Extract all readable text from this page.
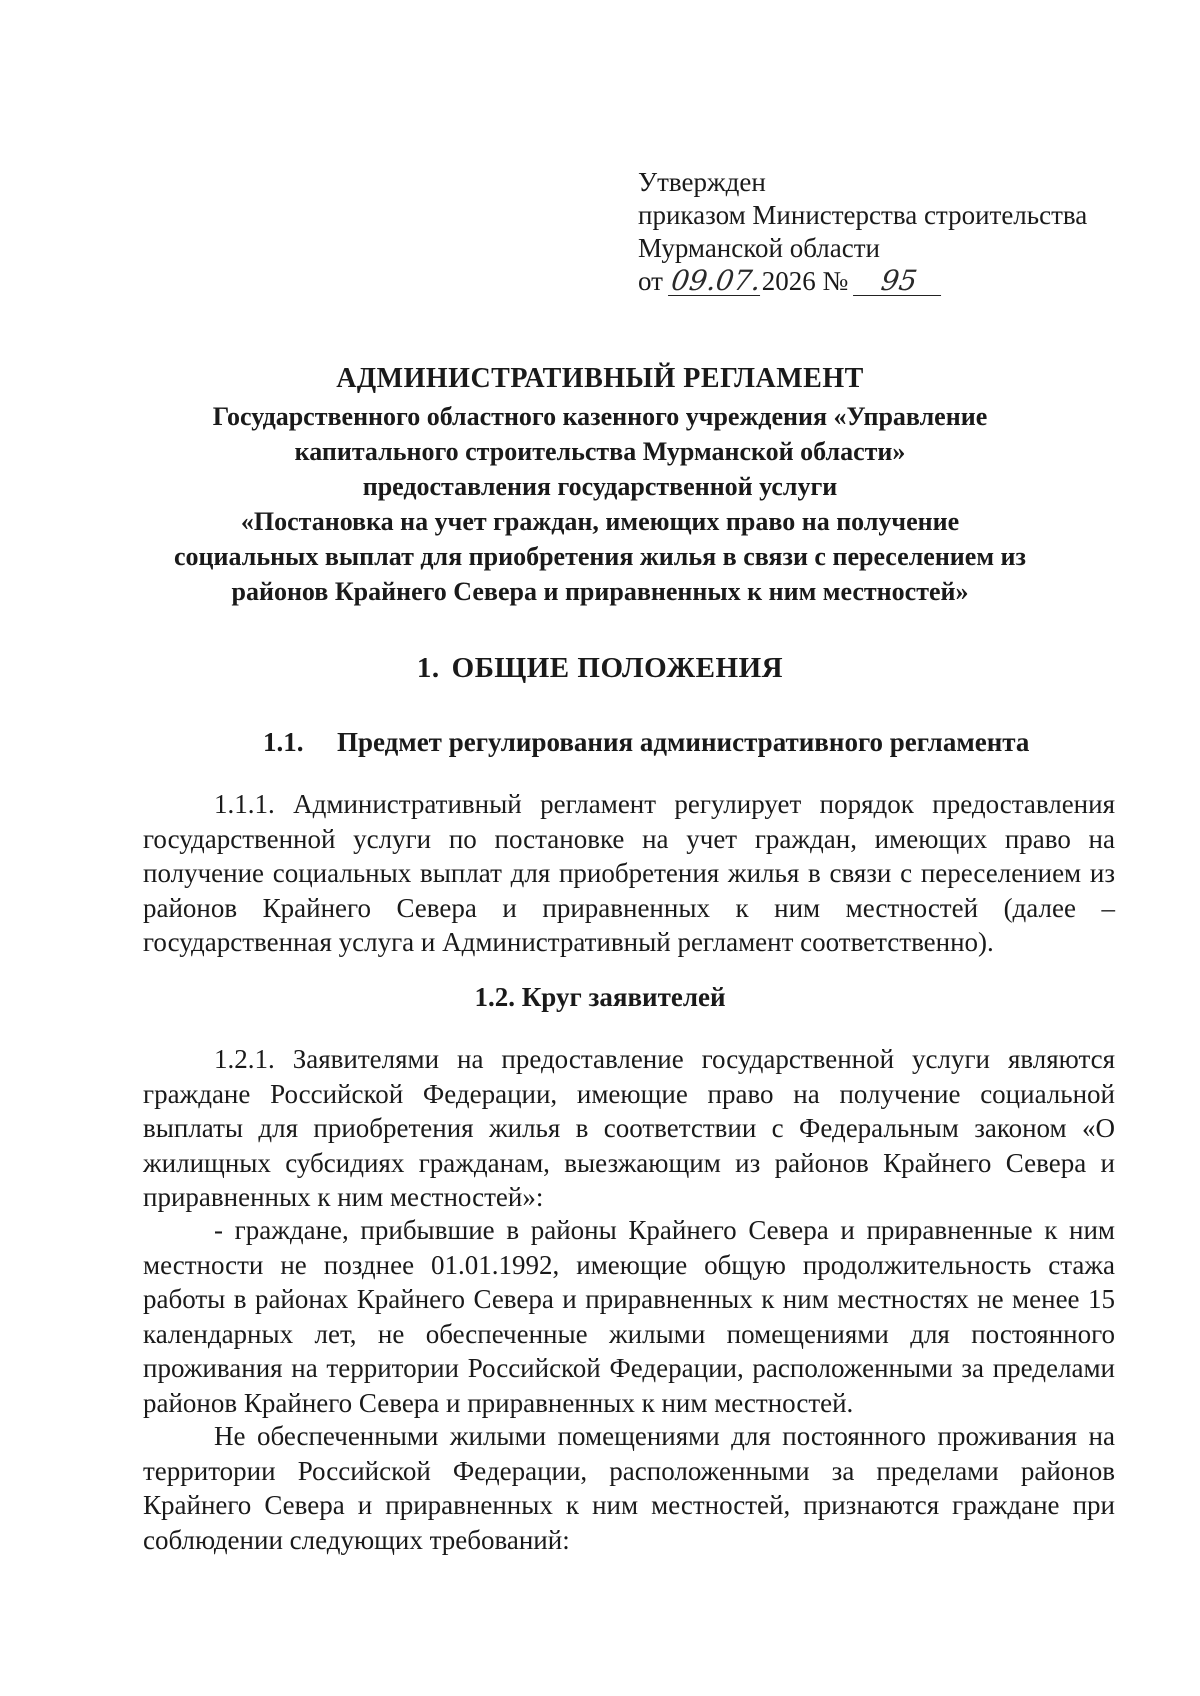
Утвержден
приказом Министерства строительства
Мурманской области
от 09.07.2026 № 95
АДМИНИСТРАТИВНЫЙ РЕГЛАМЕНТ
Государственного областного казенного учреждения «Управление
капитального строительства Мурманской области»
предоставления государственной услуги
«Постановка на учет граждан, имеющих право на получение
социальных выплат для приобретения жилья в связи с переселением из
районов Крайнего Севера и приравненных к ним местностей»
1. ОБЩИЕ ПОЛОЖЕНИЯ
1.1. Предмет регулирования административного регламента
1.1.1. Административный регламент регулирует порядок предоставления государственной услуги по постановке на учет граждан, имеющих право на получение социальных выплат для приобретения жилья в связи с переселением из районов Крайнего Севера и приравненных к ним местностей (далее – государственная услуга и Административный регламент соответственно).
1.2. Круг заявителей
1.2.1. Заявителями на предоставление государственной услуги являются граждане Российской Федерации, имеющие право на получение социальной выплаты для приобретения жилья в соответствии с Федеральным законом «О жилищных субсидиях гражданам, выезжающим из районов Крайнего Севера и приравненных к ним местностей»:
- граждане, прибывшие в районы Крайнего Севера и приравненные к ним местности не позднее 01.01.1992, имеющие общую продолжительность стажа работы в районах Крайнего Севера и приравненных к ним местностях не менее 15 календарных лет, не обеспеченные жилыми помещениями для постоянного проживания на территории Российской Федерации, расположенными за пределами районов Крайнего Севера и приравненных к ним местностей.
Не обеспеченными жилыми помещениями для постоянного проживания на территории Российской Федерации, расположенными за пределами районов Крайнего Севера и приравненных к ним местностей, признаются граждане при соблюдении следующих требований:
